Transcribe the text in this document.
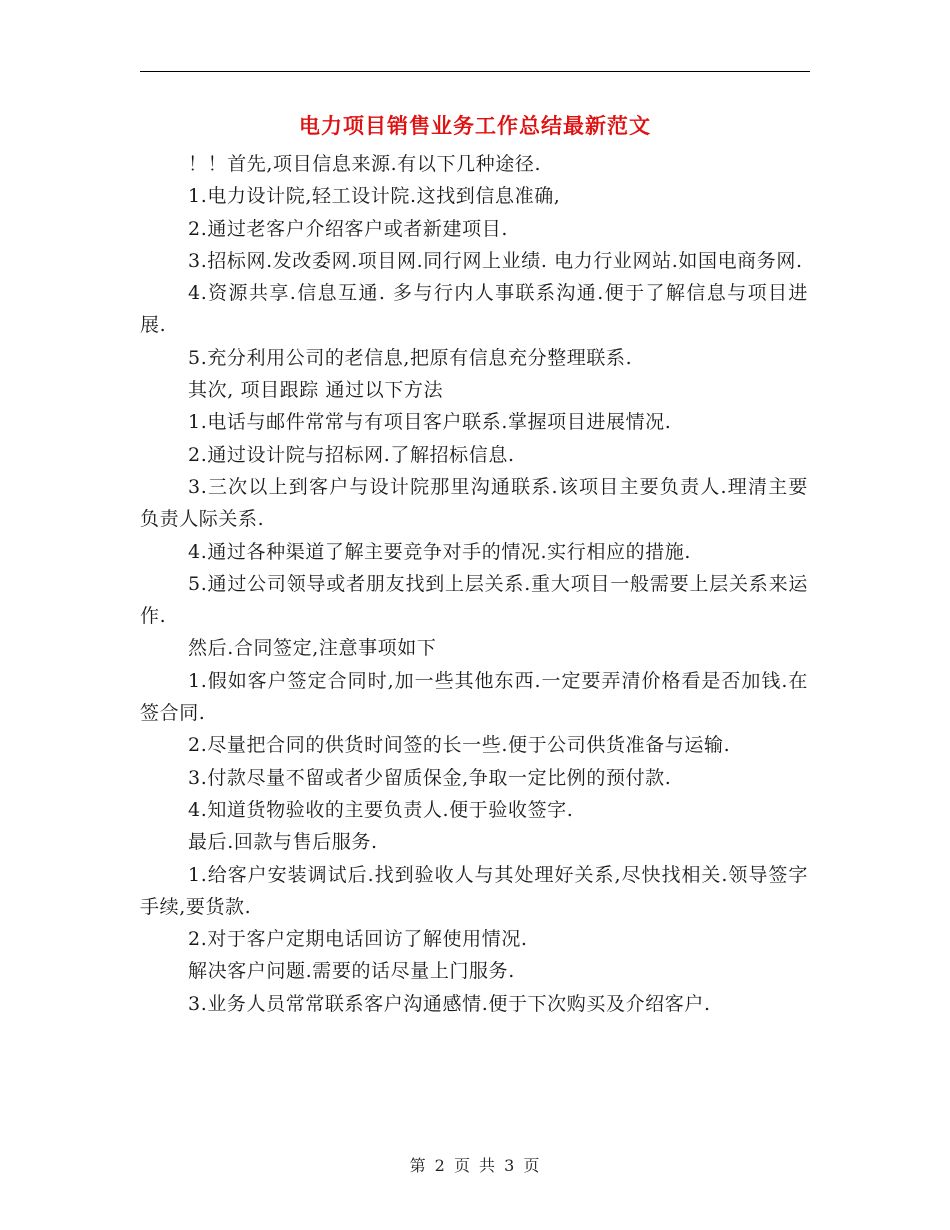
电力项目销售业务工作总结最新范文

！！首先,项目信息来源.有以下几种途径.

1.电力设计院,轻工设计院.这找到信息准确,

2.通过老客户介绍客户或者新建项目.

3.招标网.发改委网.项目网.同行网上业绩. 电力行业网站.如国电商务网.

4.资源共享.信息互通. 多与行内人事联系沟通.便于了解信息与项目进展.

5.充分利用公司的老信息,把原有信息充分整理联系.

其次, 项目跟踪 通过以下方法

1.电话与邮件常常与有项目客户联系.掌握项目进展情况.

2.通过设计院与招标网.了解招标信息.

3.三次以上到客户与设计院那里沟通联系.该项目主要负责人.理清主要负责人际关系.

4.通过各种渠道了解主要竞争对手的情况.实行相应的措施.

5.通过公司领导或者朋友找到上层关系.重大项目一般需要上层关系来运作.

然后.合同签定,注意事项如下

1.假如客户签定合同时,加一些其他东西.一定要弄清价格看是否加钱.在签合同.

2.尽量把合同的供货时间签的长一些.便于公司供货准备与运输.

3.付款尽量不留或者少留质保金,争取一定比例的预付款.

4.知道货物验收的主要负责人.便于验收签字.

最后.回款与售后服务.

1.给客户安装调试后.找到验收人与其处理好关系,尽快找相关.领导签字手续,要货款.

2.对于客户定期电话回访了解使用情况.

解决客户问题.需要的话尽量上门服务.

3.业务人员常常联系客户沟通感情.便于下次购买及介绍客户.

第 2 页 共 3 页
